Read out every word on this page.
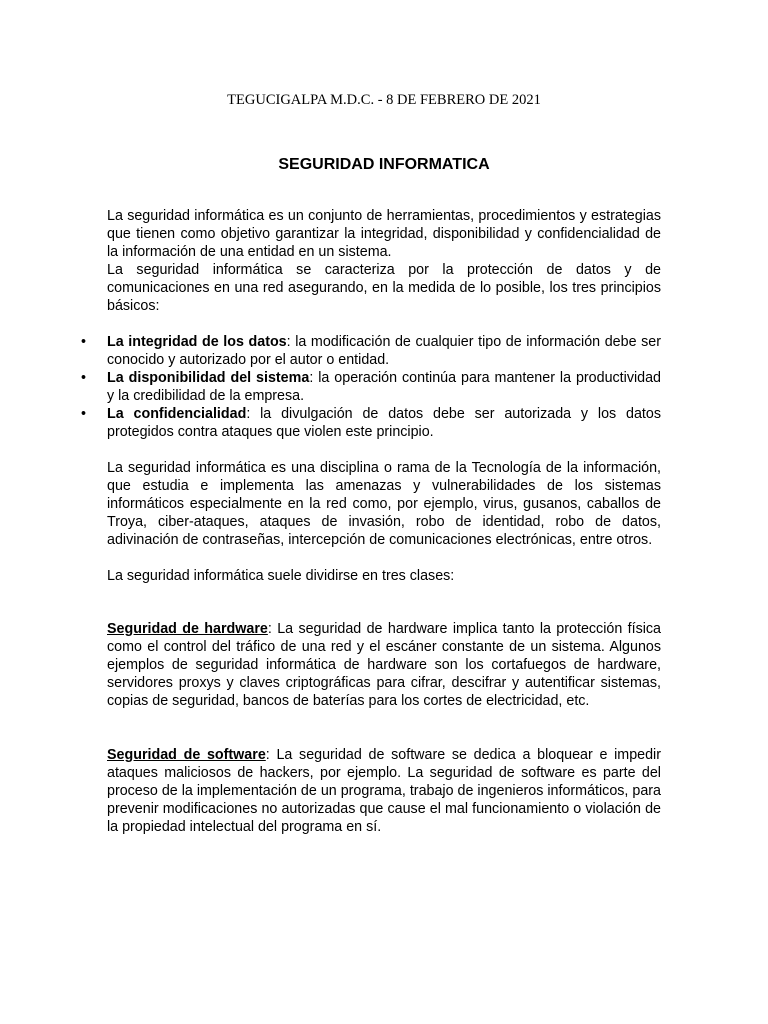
TEGUCIGALPA M.D.C. - 8 DE FEBRERO DE 2021
SEGURIDAD INFORMATICA

La seguridad informática es un conjunto de herramientas, procedimientos y estrategias que tienen como objetivo garantizar la integridad, disponibilidad y confidencialidad de la información de una entidad en un sistema.

La seguridad informática se caracteriza por la protección de datos y de comunicaciones en una red asegurando, en la medida de lo posible, los tres principios básicos:

• La integridad de los datos: la modificación de cualquier tipo de información debe ser conocido y autorizado por el autor o entidad.
• La disponibilidad del sistema: la operación continúa para mantener la productividad y la credibilidad de la empresa.
• La confidencialidad: la divulgación de datos debe ser autorizada y los datos protegidos contra ataques que violen este principio.

La seguridad informática es una disciplina o rama de la Tecnología de la información, que estudia e implementa las amenazas y vulnerabilidades de los sistemas informáticos especialmente en la red como, por ejemplo, virus, gusanos, caballos de Troya, ciber-ataques, ataques de invasión, robo de identidad, robo de datos, adivinación de contraseñas, intercepción de comunicaciones electrónicas, entre otros.

La seguridad informática suele dividirse en tres clases:

Seguridad de hardware: La seguridad de hardware implica tanto la protección física como el control del tráfico de una red y el escáner constante de un sistema. Algunos ejemplos de seguridad informática de hardware son los cortafuegos de hardware, servidores proxys y claves criptográficas para cifrar, descifrar y autentificar sistemas, copias de seguridad, bancos de baterías para los cortes de electricidad, etc.

Seguridad de software: La seguridad de software se dedica a bloquear e impedir ataques maliciosos de hackers, por ejemplo. La seguridad de software es parte del proceso de la implementación de un programa, trabajo de ingenieros informáticos, para prevenir modificaciones no autorizadas que cause el mal funcionamiento o violación de la propiedad intelectual del programa en sí.
